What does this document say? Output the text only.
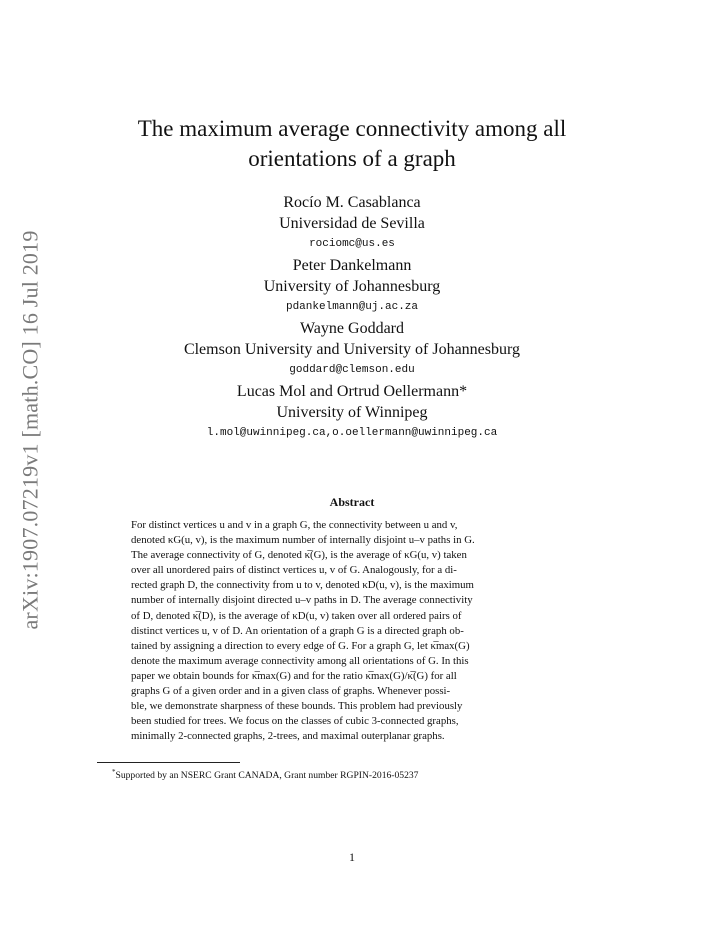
arXiv:1907.07219v1 [math.CO] 16 Jul 2019
The maximum average connectivity among all
orientations of a graph
Rocío M. Casablanca
Universidad de Sevilla
rociomc@us.es
Peter Dankelmann
University of Johannesburg
pdankelmann@uj.ac.za
Wayne Goddard
Clemson University and University of Johannesburg
goddard@clemson.edu
Lucas Mol and Ortrud Oellermann*
University of Winnipeg
l.mol@uwinnipeg.ca,o.oellermann@uwinnipeg.ca
Abstract
For distinct vertices u and v in a graph G, the connectivity between u and v,
denoted κG(u, v), is the maximum number of internally disjoint u–v paths in G.
The average connectivity of G, denoted κ̅(G), is the average of κG(u, v) taken
over all unordered pairs of distinct vertices u, v of G. Analogously, for a di-
rected graph D, the connectivity from u to v, denoted κD(u, v), is the maximum
number of internally disjoint directed u–v paths in D. The average connectivity
of D, denoted κ̅(D), is the average of κD(u, v) taken over all ordered pairs of
distinct vertices u, v of D. An orientation of a graph G is a directed graph ob-
tained by assigning a direction to every edge of G. For a graph G, let κ̅max(G)
denote the maximum average connectivity among all orientations of G. In this
paper we obtain bounds for κ̅max(G) and for the ratio κ̅max(G)/κ̅(G) for all
graphs G of a given order and in a given class of graphs. Whenever possi-
ble, we demonstrate sharpness of these bounds. This problem had previously
been studied for trees. We focus on the classes of cubic 3-connected graphs,
minimally 2-connected graphs, 2-trees, and maximal outerplanar graphs.
*Supported by an NSERC Grant CANADA, Grant number RGPIN-2016-05237
1
